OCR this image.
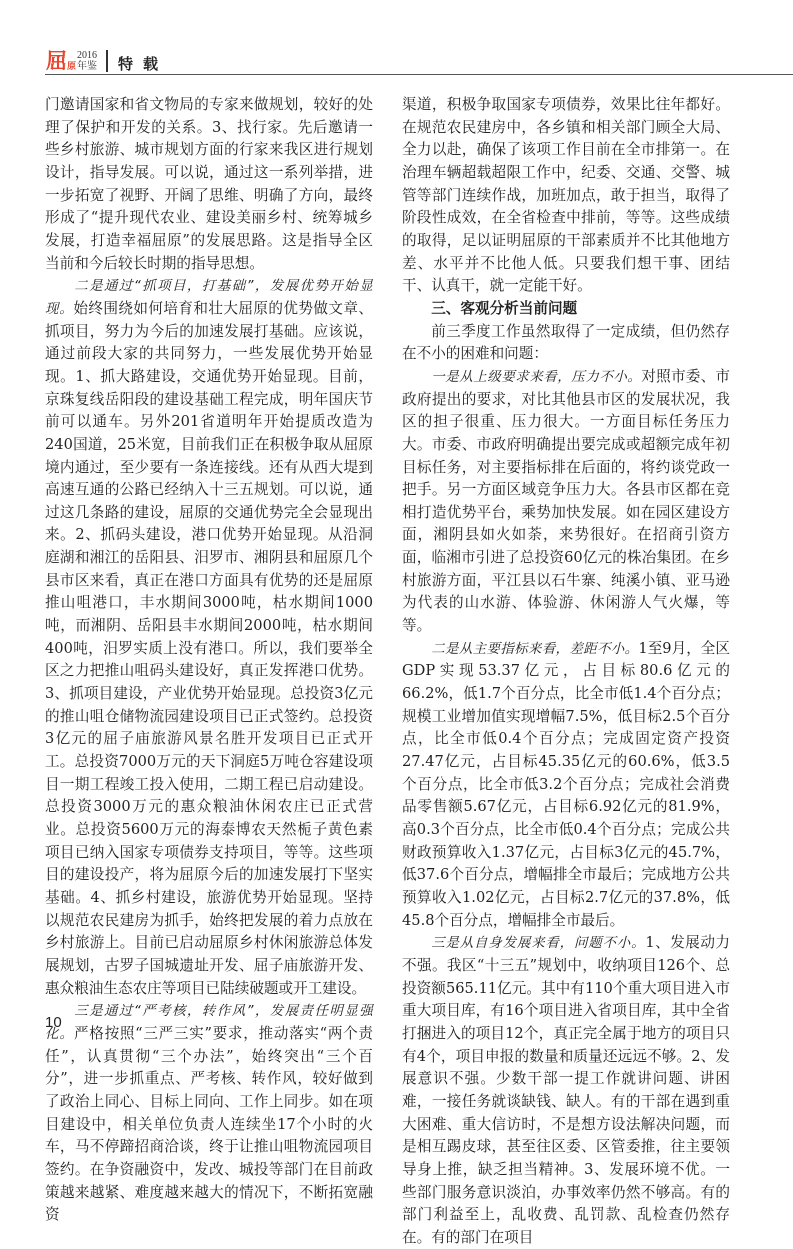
屈 原
2016
年鉴 特载

门邀请国家和省文物局的专家来做规划，较好的处理了保护和开发的关系。3、找行家。先后邀请一些乡村旅游、城市规划方面的行家来我区进行规划设计，指导发展。可以说，通过这一系列举措，进一步拓宽了视野、开阔了思维、明确了方向，最终形成了“提升现代农业、建设美丽乡村、统筹城乡发展，打造幸福屈原”的发展思路。这是指导全区当前和今后较长时期的指导思想。

二是通过“抓项目，打基础”，发展优势开始显现。始终围绕如何培育和壮大屈原的优势做文章、抓项目，努力为今后的加速发展打基础。应该说，通过前段大家的共同努力，一些发展优势开始显现。1、抓大路建设，交通优势开始显现。目前，京珠复线岳阳段的建设基础工程完成，明年国庆节前可以通车。另外201省道明年开始提质改造为240国道，25米宽，目前我们正在积极争取从屈原境内通过，至少要有一条连接线。还有从西大堤到高速互通的公路已经纳入十三五规划。可以说，通过这几条路的建设，屈原的交通优势完全会显现出来。2、抓码头建设，港口优势开始显现。从沿洞庭湖和湘江的岳阳县、汨罗市、湘阴县和屈原几个县市区来看，真正在港口方面具有优势的还是屈原推山咀港口，丰水期间3000吨，枯水期间1000吨，而湘阴、岳阳县丰水期间2000吨，枯水期间400吨，汨罗实质上没有港口。所以，我们要举全区之力把推山咀码头建设好，真正发挥港口优势。3、抓项目建设，产业优势开始显现。总投资3亿元的推山咀仓储物流园建设项目已正式签约。总投资3亿元的屈子庙旅游风景名胜开发项目已正式开工。总投资7000万元的天下洞庭5万吨仓容建设项目一期工程竣工投入使用，二期工程已启动建设。总投资3000万元的惠众粮油休闲农庄已正式营业。总投资5600万元的海泰博农天然栀子黄色素项目已纳入国家专项债券支持项目，等等。这些项目的建设投产，将为屈原今后的加速发展打下坚实基础。4、抓乡村建设，旅游优势开始显现。坚持以规范农民建房为抓手，始终把发展的着力点放在乡村旅游上。目前已启动屈原乡村休闲旅游总体发展规划，古罗子国城遗址开发、屈子庙旅游开发、惠众粮油生态农庄等项目已陆续破题或开工建设。

三是通过“严考核，转作风”，发展责任明显强化。严格按照“三严三实”要求，推动落实“两个责任”，认真贯彻“三个办法”，始终突出“三个百分”，进一步抓重点、严考核、转作风，较好做到了政治上同心、目标上同向、工作上同步。如在项目建设中，相关单位负责人连续坐17个小时的火车，马不停蹄招商洽谈，终于让推山咀物流园项目签约。在争资融资中，发改、城投等部门在目前政策越来越紧、难度越来越大的情况下，不断拓宽融资

渠道，积极争取国家专项债券，效果比往年都好。在规范农民建房中，各乡镇和相关部门顾全大局、全力以赴，确保了该项工作目前在全市排第一。在治理车辆超载超限工作中，纪委、交通、交警、城管等部门连续作战，加班加点，敢于担当，取得了阶段性成效，在全省检查中排前，等等。这些成绩的取得，足以证明屈原的干部素质并不比其他地方差、水平并不比他人低。只要我们想干事、团结干、认真干，就一定能干好。

三、客观分析当前问题

前三季度工作虽然取得了一定成绩，但仍然存在不小的困难和问题：

一是从上级要求来看，压力不小。对照市委、市政府提出的要求，对比其他县市区的发展状况，我区的担子很重、压力很大。一方面目标任务压力大。市委、市政府明确提出要完成或超额完成年初目标任务，对主要指标排在后面的，将约谈党政一把手。另一方面区域竞争压力大。各县市区都在竞相打造优势平台，乘势加快发展。如在园区建设方面，湘阴县如火如荼，来势很好。在招商引资方面，临湘市引进了总投资60亿元的株冶集团。在乡村旅游方面，平江县以石牛寨、纯溪小镇、亚马逊为代表的山水游、体验游、休闲游人气火爆，等等。

二是从主要指标来看，差距不小。1至9月，全区GDP实现53.37亿元，占目标80.6亿元的66.2%，低1.7个百分点，比全市低1.4个百分点；规模工业增加值实现增幅7.5%，低目标2.5个百分点，比全市低0.4个百分点；完成固定资产投资27.47亿元，占目标45.35亿元的60.6%，低3.5个百分点，比全市低3.2个百分点；完成社会消费品零售额5.67亿元，占目标6.92亿元的81.9%，高0.3个百分点，比全市低0.4个百分点；完成公共财政预算收入1.37亿元，占目标3亿元的45.7%，低37.6个百分点，增幅排全市最后；完成地方公共预算收入1.02亿元，占目标2.7亿元的37.8%，低45.8个百分点，增幅排全市最后。

三是从自身发展来看，问题不小。1、发展动力不强。我区“十三五”规划中，收纳项目126个、总投资额565.11亿元。其中有110个重大项目进入市重大项目库，有16个项目进入省项目库，其中全省打捆进入的项目12个，真正完全属于地方的项目只有4个，项目申报的数量和质量还远远不够。2、发展意识不强。少数干部一提工作就讲问题、讲困难，一接任务就谈缺钱、缺人。有的干部在遇到重大困难、重大信访时，不是想方设法解决问题，而是相互踢皮球，甚至往区委、区管委推，往主要领导身上推，缺乏担当精神。3、发展环境不优。一些部门服务意识淡泊，办事效率仍然不够高。有的部门利益至上，乱收费、乱罚款、乱检查仍然存在。有的部门在项目

10
